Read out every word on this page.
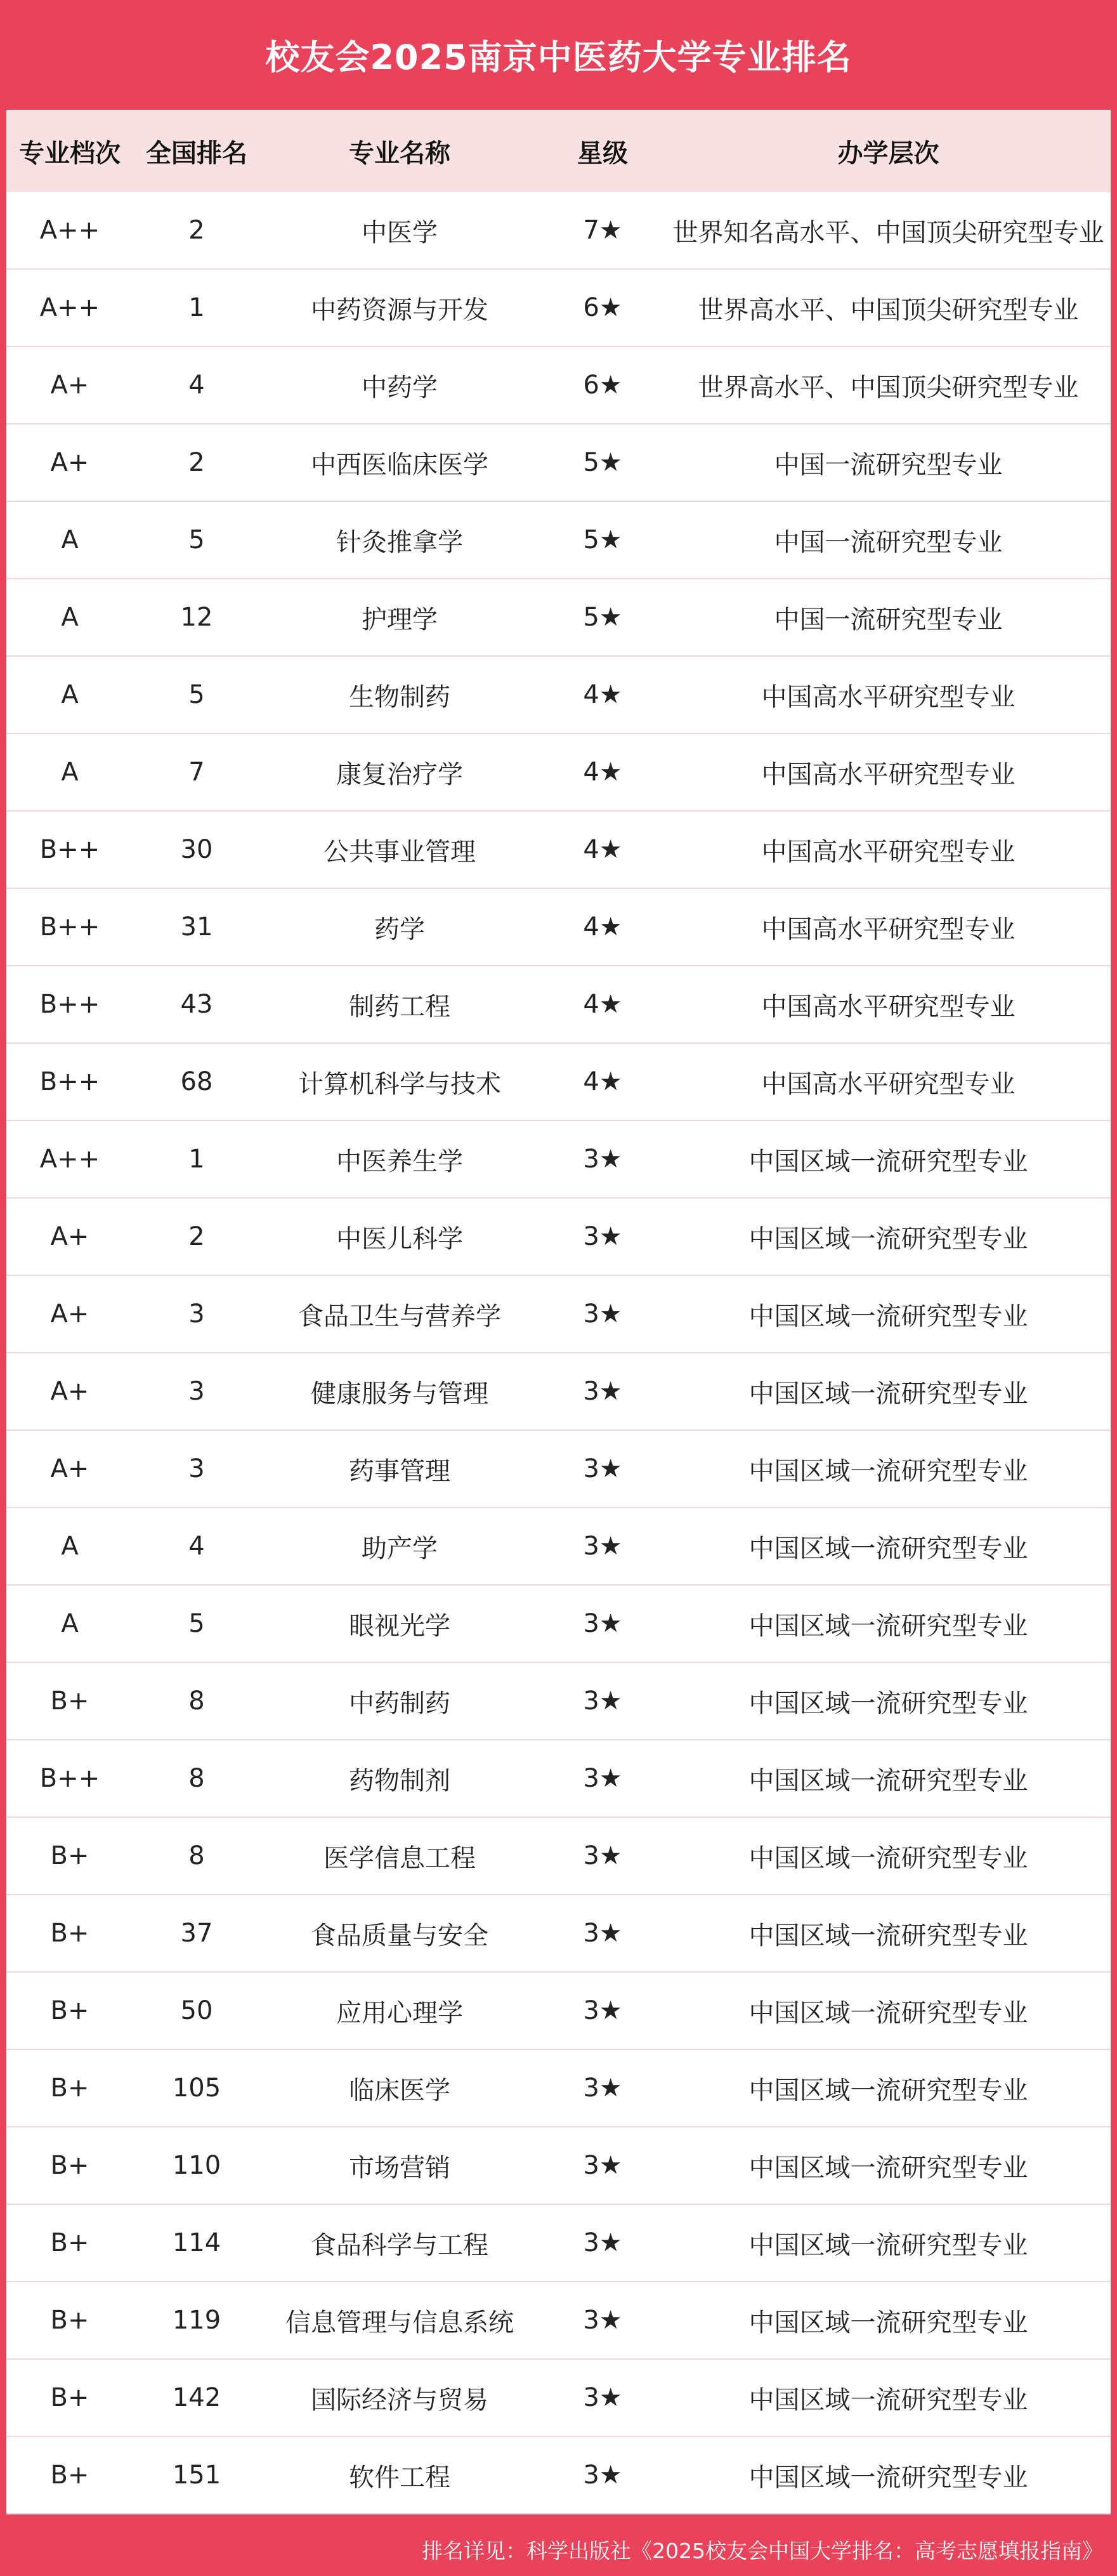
校友会2025南京中医药大学专业排名
专业档次	全国排名	专业名称	星级	办学层次
A++	2	中医学	7★	世界知名高水平、中国顶尖研究型专业
A++	1	中药资源与开发	6★	世界高水平、中国顶尖研究型专业
A+	4	中药学	6★	世界高水平、中国顶尖研究型专业
A+	2	中西医临床医学	5★	中国一流研究型专业
A	5	针灸推拿学	5★	中国一流研究型专业
A	12	护理学	5★	中国一流研究型专业
A	5	生物制药	4★	中国高水平研究型专业
A	7	康复治疗学	4★	中国高水平研究型专业
B++	30	公共事业管理	4★	中国高水平研究型专业
B++	31	药学	4★	中国高水平研究型专业
B++	43	制药工程	4★	中国高水平研究型专业
B++	68	计算机科学与技术	4★	中国高水平研究型专业
A++	1	中医养生学	3★	中国区域一流研究型专业
A+	2	中医儿科学	3★	中国区域一流研究型专业
A+	3	食品卫生与营养学	3★	中国区域一流研究型专业
A+	3	健康服务与管理	3★	中国区域一流研究型专业
A+	3	药事管理	3★	中国区域一流研究型专业
A	4	助产学	3★	中国区域一流研究型专业
A	5	眼视光学	3★	中国区域一流研究型专业
B+	8	中药制药	3★	中国区域一流研究型专业
B++	8	药物制剂	3★	中国区域一流研究型专业
B+	8	医学信息工程	3★	中国区域一流研究型专业
B+	37	食品质量与安全	3★	中国区域一流研究型专业
B+	50	应用心理学	3★	中国区域一流研究型专业
B+	105	临床医学	3★	中国区域一流研究型专业
B+	110	市场营销	3★	中国区域一流研究型专业
B+	114	食品科学与工程	3★	中国区域一流研究型专业
B+	119	信息管理与信息系统	3★	中国区域一流研究型专业
B+	142	国际经济与贸易	3★	中国区域一流研究型专业
B+	151	软件工程	3★	中国区域一流研究型专业
排名详见：科学出版社《2025校友会中国大学排名：高考志愿填报指南》
